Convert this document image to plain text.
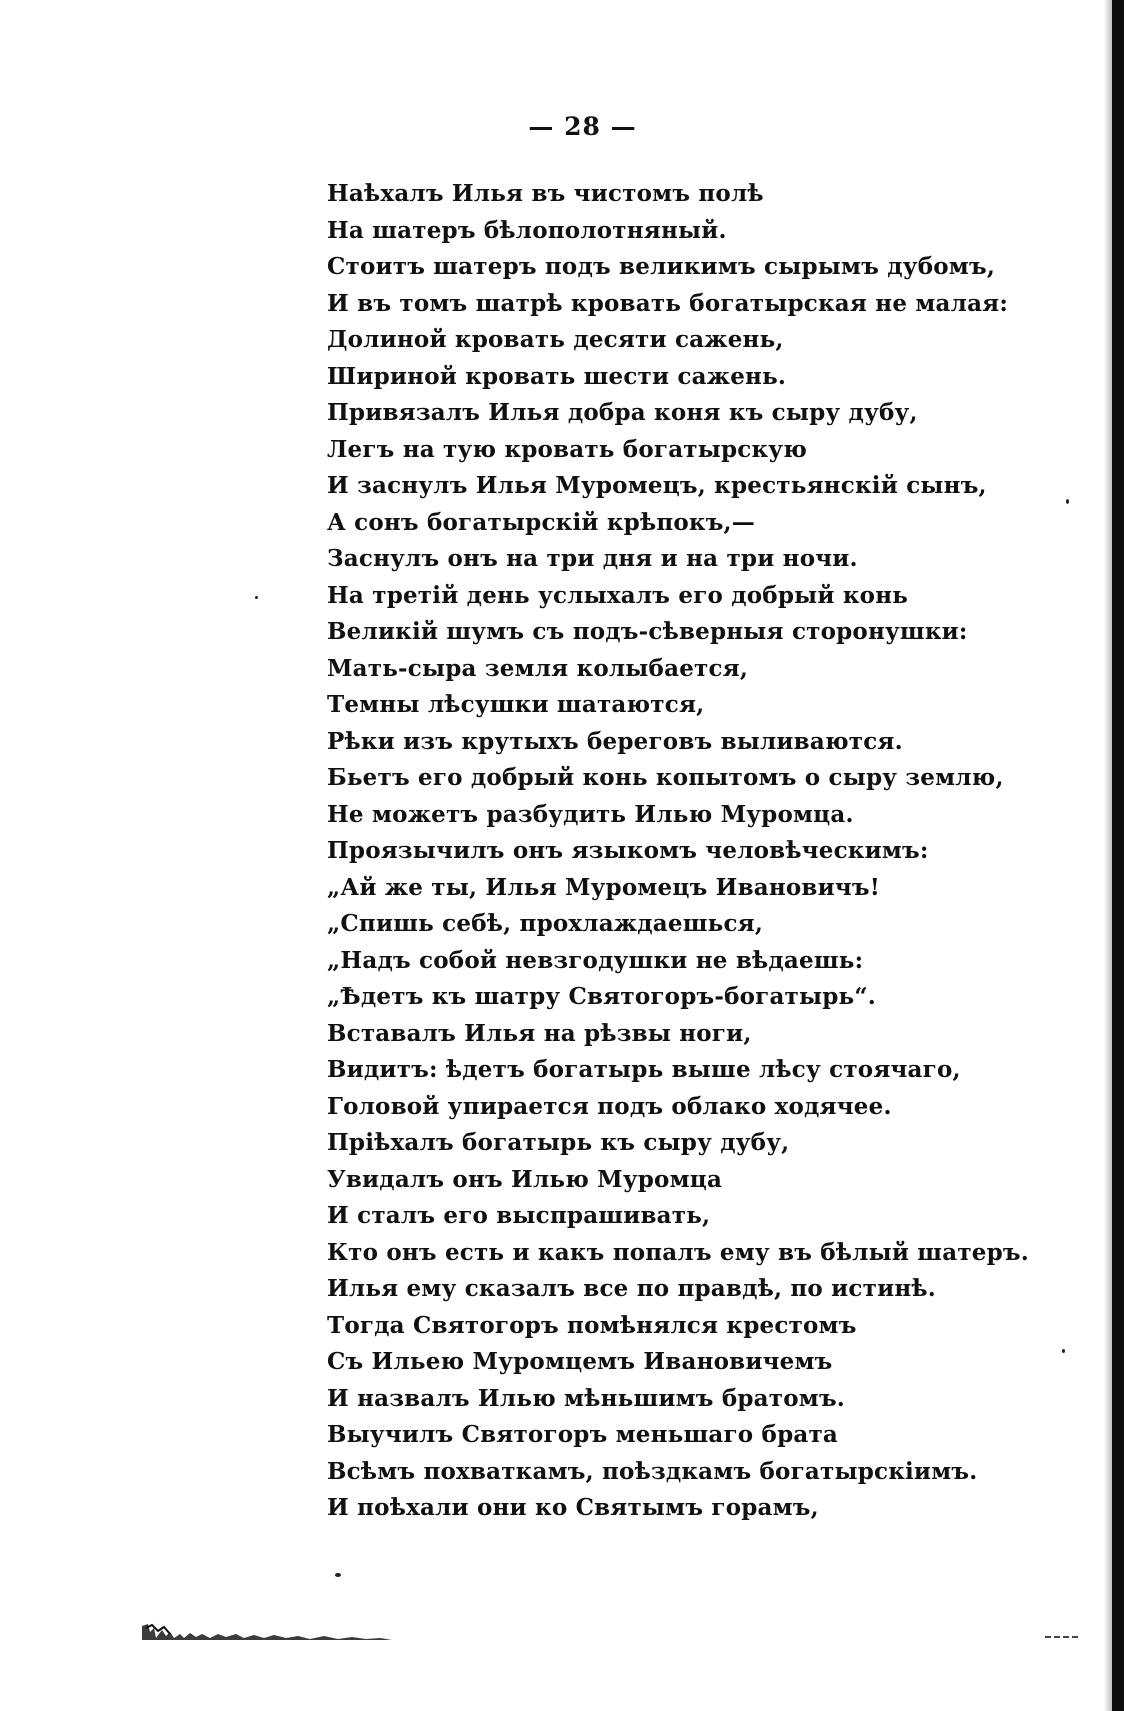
— 28 —
Наѣхалъ Илья въ чистомъ полѣ
На шатеръ бѣлополотняный.
Стоитъ шатеръ подъ великимъ сырымъ дубомъ,
И въ томъ шатрѣ кровать богатырская не малая:
Долиной кровать десяти сажень,
Шириной кровать шести сажень.
Привязалъ Илья добра коня къ сыру дубу,
Легъ на тую кровать богатырскую
И заснулъ Илья Муромецъ, крестьянскій сынъ,
А сонъ богатырскій крѣпокъ,—
Заснулъ онъ на три дня и на три ночи.
На третій день услыхалъ его добрый конь
Великій шумъ съ подъ-сѣверныя сторонушки:
Мать-сыра земля колыбается,
Темны лѣсушки шатаются,
Рѣки изъ крутыхъ береговъ выливаются.
Бьетъ его добрый конь копытомъ о сыру землю,
Не можетъ разбудить Илью Муромца.
Проязычилъ онъ языкомъ человѣческимъ:
„Ай же ты, Илья Муромецъ Ивановичъ!
„Спишь себѣ, прохлаждаешься,
„Надъ собой невзгодушки не вѣдаешь:
„Ѣдетъ къ шатру Святогоръ-богатырь“.
Вставалъ Илья на рѣзвы ноги,
Видитъ: ѣдетъ богатырь выше лѣсу стоячаго,
Головой упирается подъ облако ходячее.
Пріѣхалъ богатырь къ сыру дубу,
Увидалъ онъ Илью Муромца
И сталъ его выспрашивать,
Кто онъ есть и какъ попалъ ему въ бѣлый шатеръ.
Илья ему сказалъ все по правдѣ, по истинѣ.
Тогда Святогоръ помѣнялся крестомъ
Съ Ильею Муромцемъ Ивановичемъ
И назвалъ Илью мѣньшимъ братомъ.
Выучилъ Святогоръ меньшаго брата
Всѣмъ похваткамъ, поѣздкамъ богатырскіимъ.
И поѣхали они ко Святымъ горамъ,
